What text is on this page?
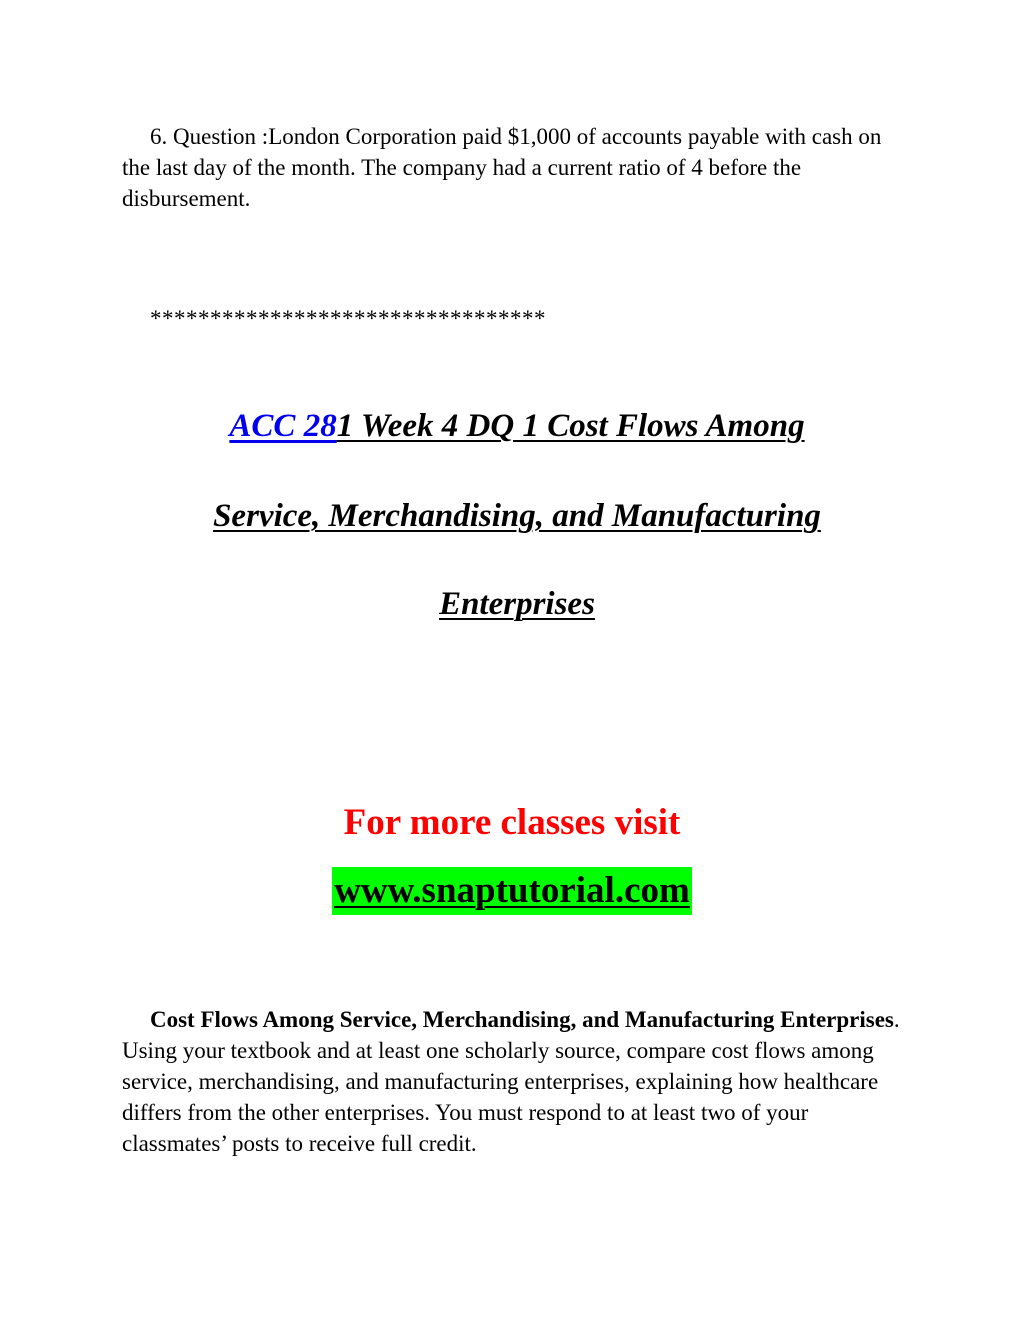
6. Question :London Corporation paid $1,000 of accounts payable with cash on the last day of the month. The company had a current ratio of 4 before the disbursement.
*********************************
ACC 281 Week 4 DQ 1 Cost Flows Among
Service, Merchandising, and Manufacturing
Enterprises
For more classes visit
www.snaptutorial.com
Cost Flows Among Service, Merchandising, and Manufacturing Enterprises. Using your textbook and at least one scholarly source, compare cost flows among service, merchandising, and manufacturing enterprises, explaining how healthcare differs from the other enterprises. You must respond to at least two of your classmates’ posts to receive full credit.
